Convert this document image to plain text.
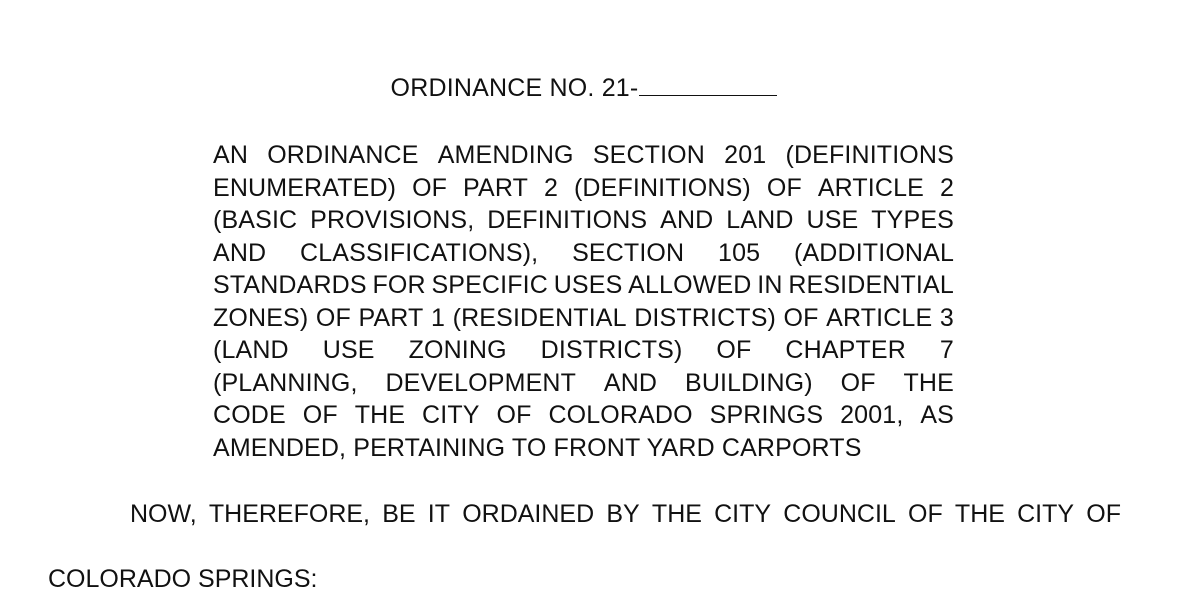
ORDINANCE NO. 21-
AN ORDINANCE AMENDING SECTION 201 (DEFINITIONS
ENUMERATED) OF PART 2 (DEFINITIONS) OF ARTICLE 2
(BASIC PROVISIONS, DEFINITIONS AND LAND USE TYPES
AND CLASSIFICATIONS), SECTION 105 (ADDITIONAL
STANDARDS FOR SPECIFIC USES ALLOWED IN RESIDENTIAL
ZONES) OF PART 1 (RESIDENTIAL DISTRICTS) OF ARTICLE 3
(LAND USE ZONING DISTRICTS) OF CHAPTER 7
(PLANNING, DEVELOPMENT AND BUILDING) OF THE
CODE OF THE CITY OF COLORADO SPRINGS 2001, AS
AMENDED, PERTAINING TO FRONT YARD CARPORTS
NOW, THEREFORE, BE IT ORDAINED BY THE CITY COUNCIL OF THE CITY OF
COLORADO SPRINGS:
